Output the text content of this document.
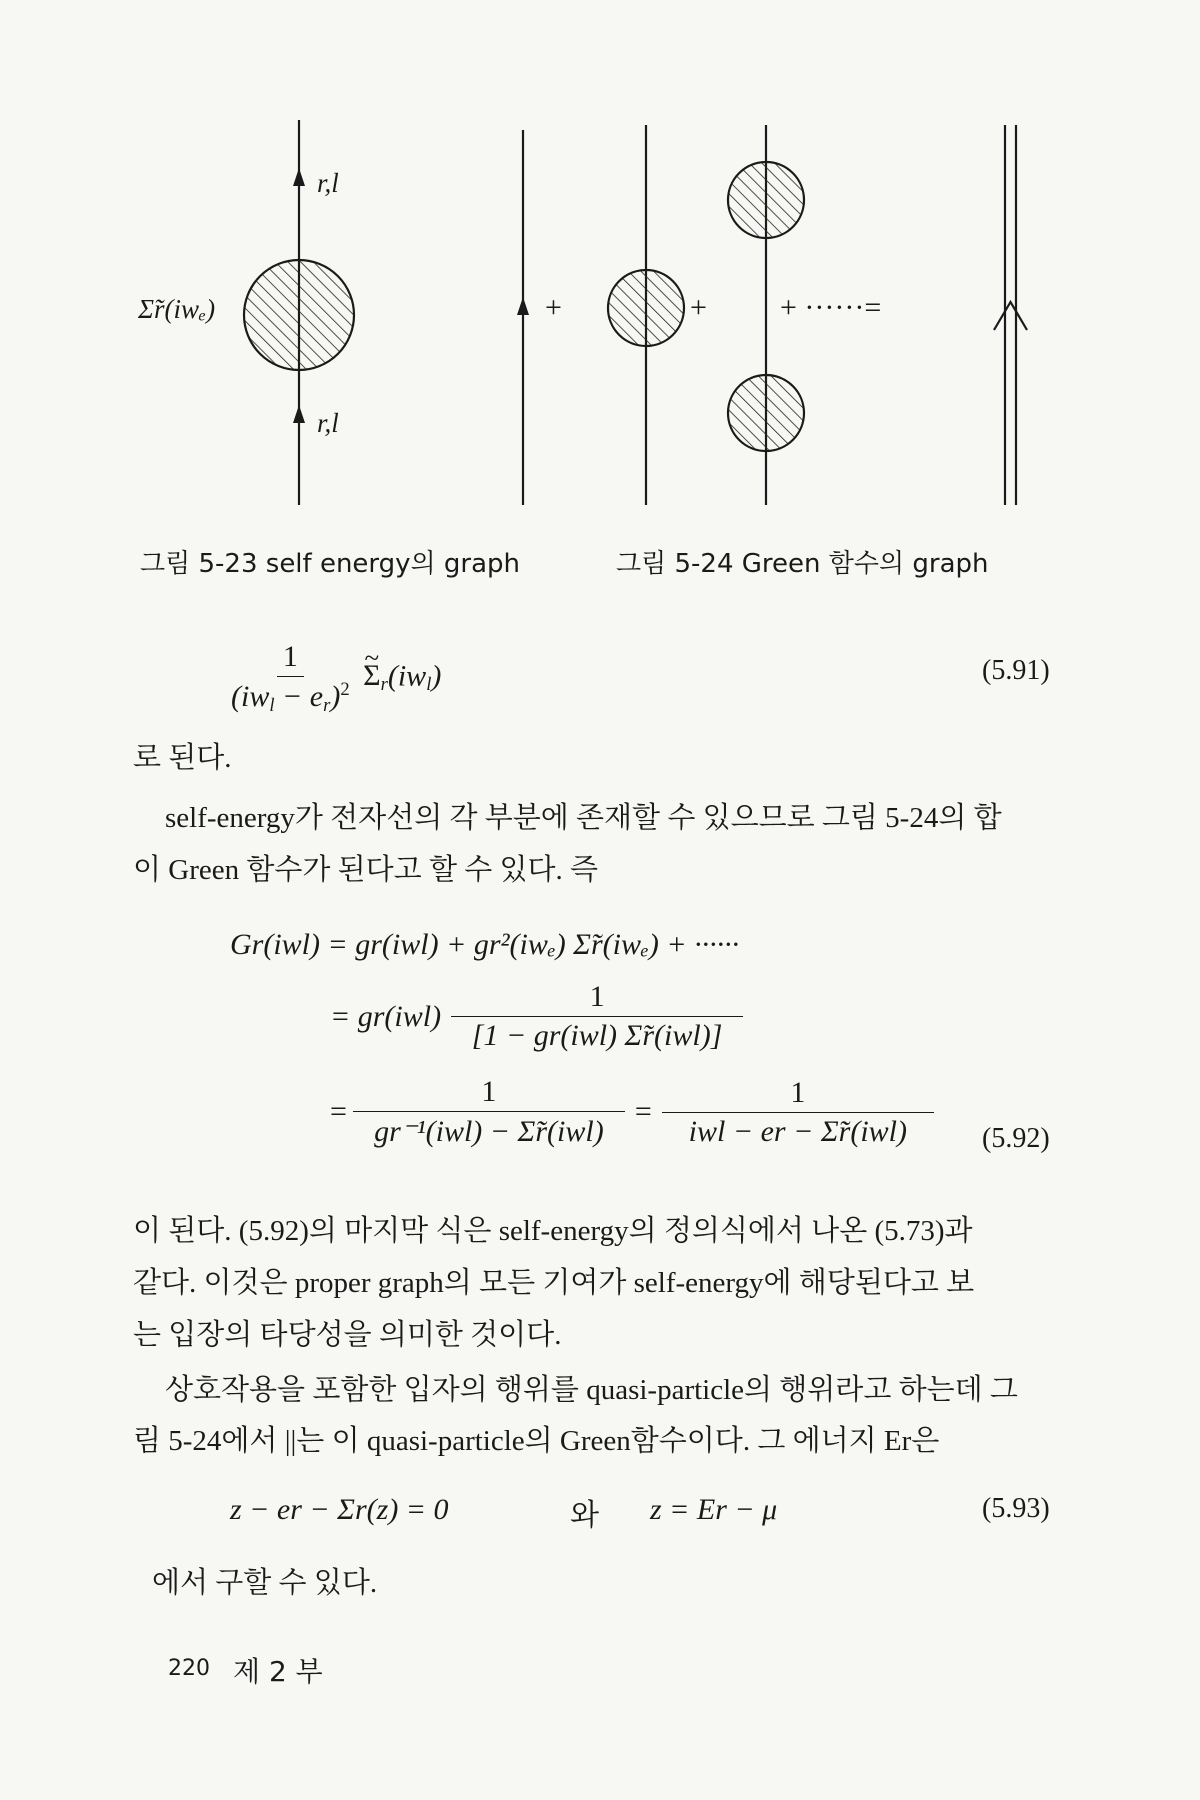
r,l
r,l
Σ̃r(iwₑ)	+	+ + ······=
그림 5-23 self energy의 graph	그림 5-24 Green 함수의 graph
$\frac{1}{(iw_l - e_r)^2}$
~ $\Sigma_r(iw_l)$	(5.91)
로 된다.
self-energy가 전자선의 각 부분에 존재할 수 있으므로 그림 5-24의 합
이 Green 함수가 된다고 할 수 있다. 즉
Gr(iwl) = gr(iwl) + gr²(iwₑ) Σ̃r(iwₑ) + ······
= $gr(iwl) \frac{1}{\text{[1 − gr(iwl) Σ̃r(iwl)]}}$
= $\frac{1}{\text{gr⁻¹(iwl) − Σ̃r(iwl)}} = \frac{1}{\text{iwl − er − Σ̃r(iwl)}} (5.92)$
이 된다. (5.92)의 마지막 식은 self-energy의 정의식에서 나온 (5.73)과
같다. 이것은 proper graph의 모든 기여가 self-energy에 해당된다고 보
는 입장의 타당성을 의미한 것이다.
상호작용을 포함한 입자의 행위를 quasi-particle의 행위라고 하는데 그
림 5-24에서 ||는 이 quasi-particle의 Green함수이다. 그 에너지 Er은
z − er − Σr(z) = 0	와 z = Er − μ	(5.93)
에서 구할 수 있다.
220 제 2 부
